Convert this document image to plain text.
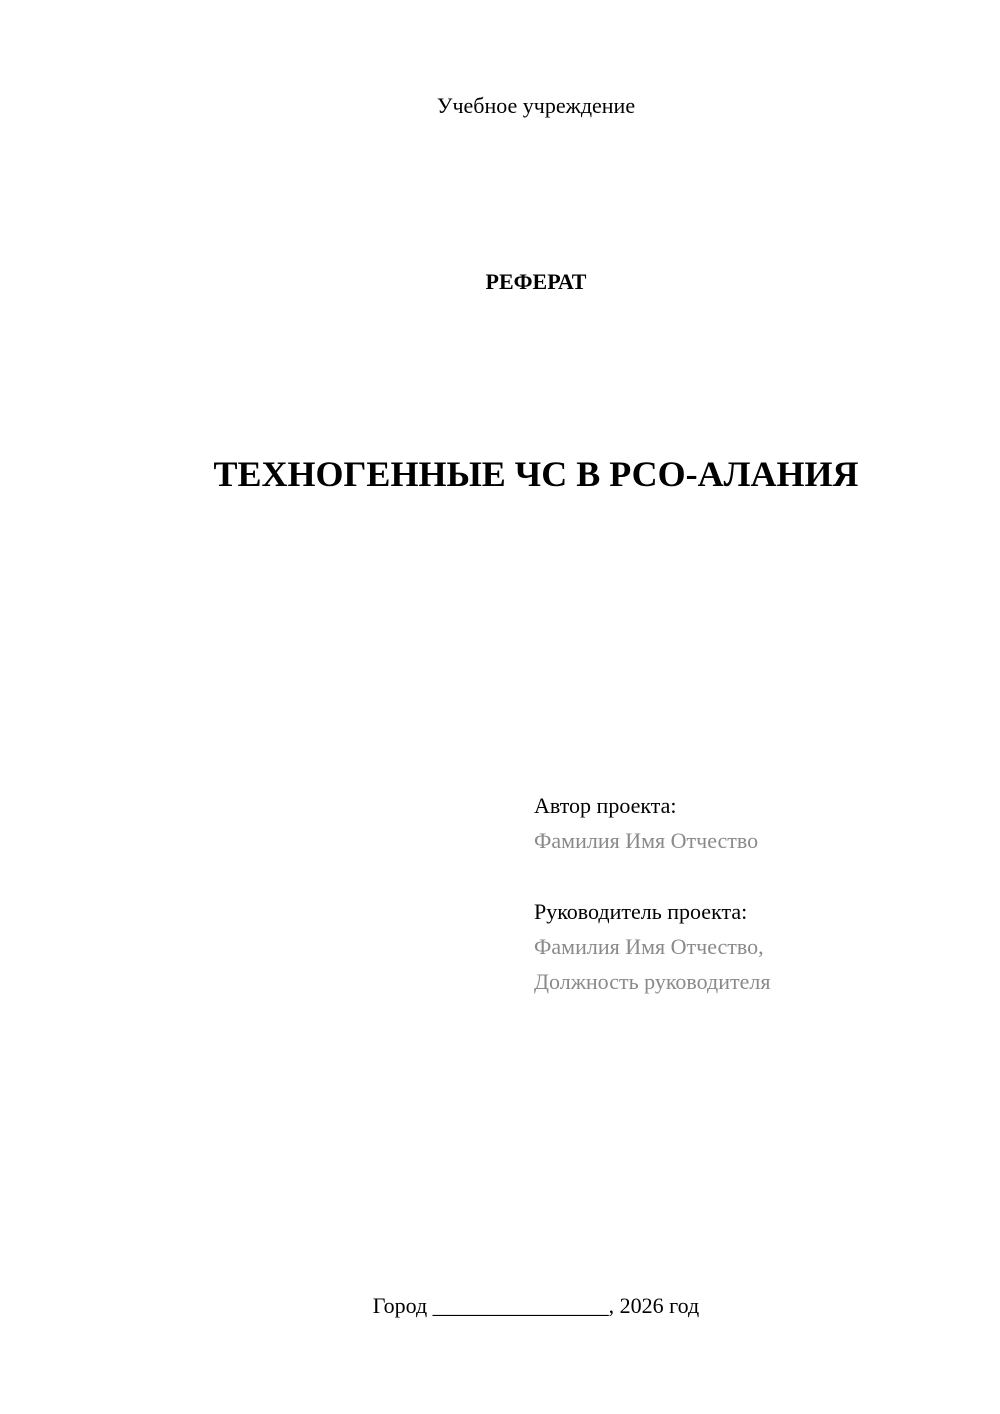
Учебное учреждение
РЕФЕРАТ
ТЕХНОГЕННЫЕ ЧС В РСО-АЛАНИЯ
Автор проекта:
Фамилия Имя Отчество
Руководитель проекта:
Фамилия Имя Отчество,
Должность руководителя
Город ________________, 2026 год
